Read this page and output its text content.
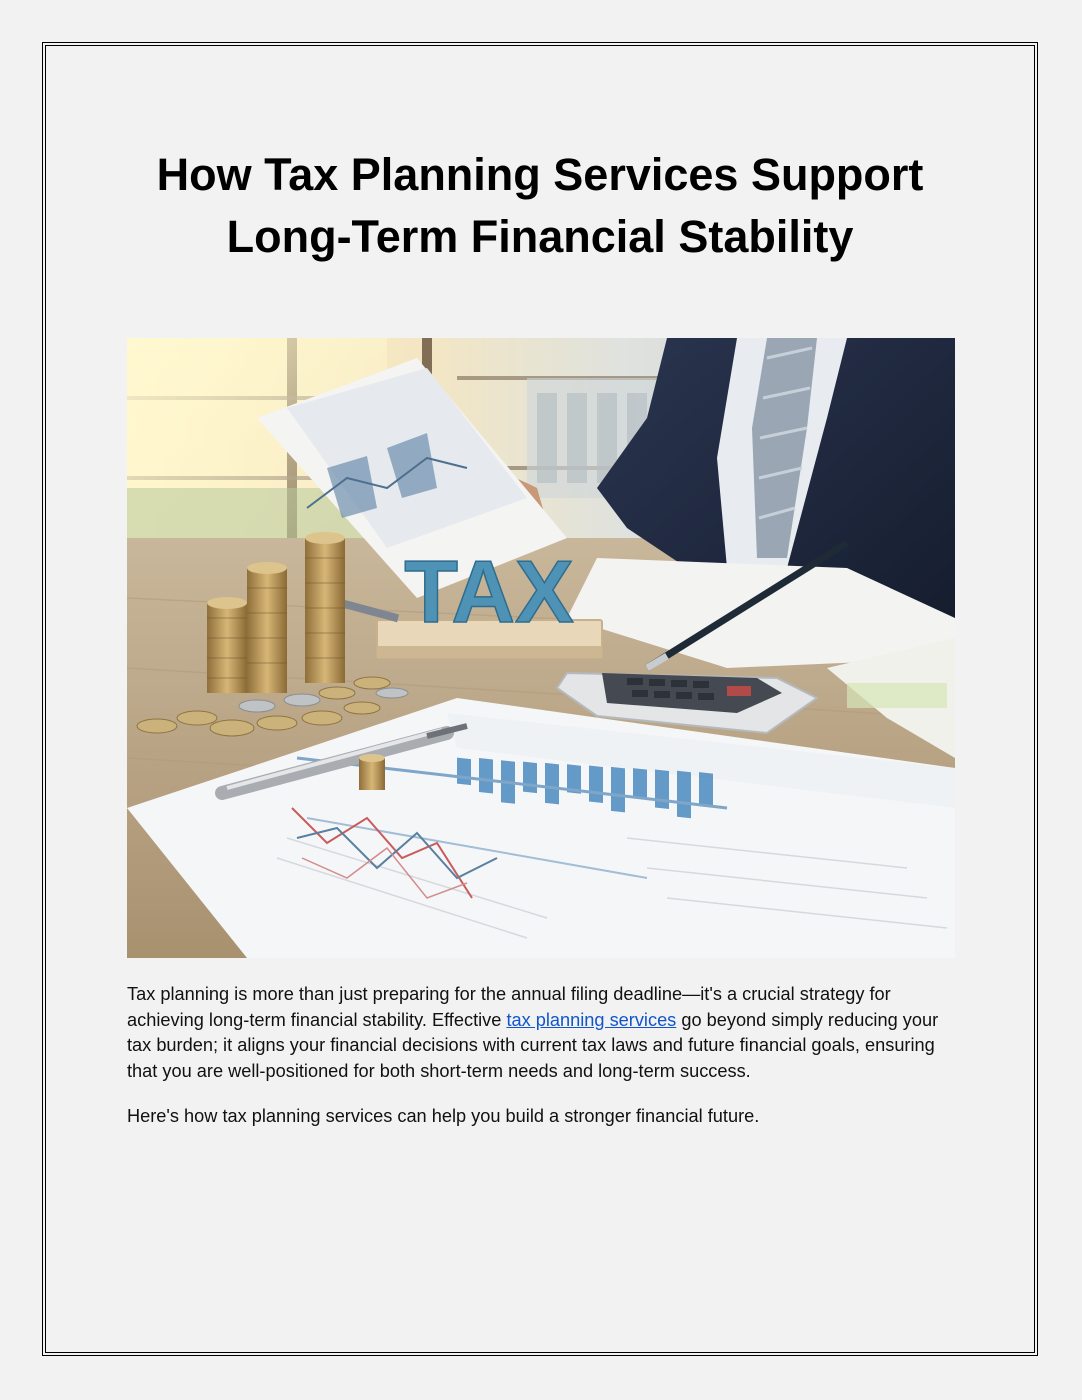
How Tax Planning Services Support
Long-Term Financial Stability
TAX

Tax planning is more than just preparing for the annual filing deadline—it's a crucial strategy for achieving long-term financial stability. Effective tax planning services go beyond simply reducing your tax burden; it aligns your financial decisions with current tax laws and future financial goals, ensuring that you are well-positioned for both short-term needs and long-term success.

Here's how tax planning services can help you build a stronger financial future.
